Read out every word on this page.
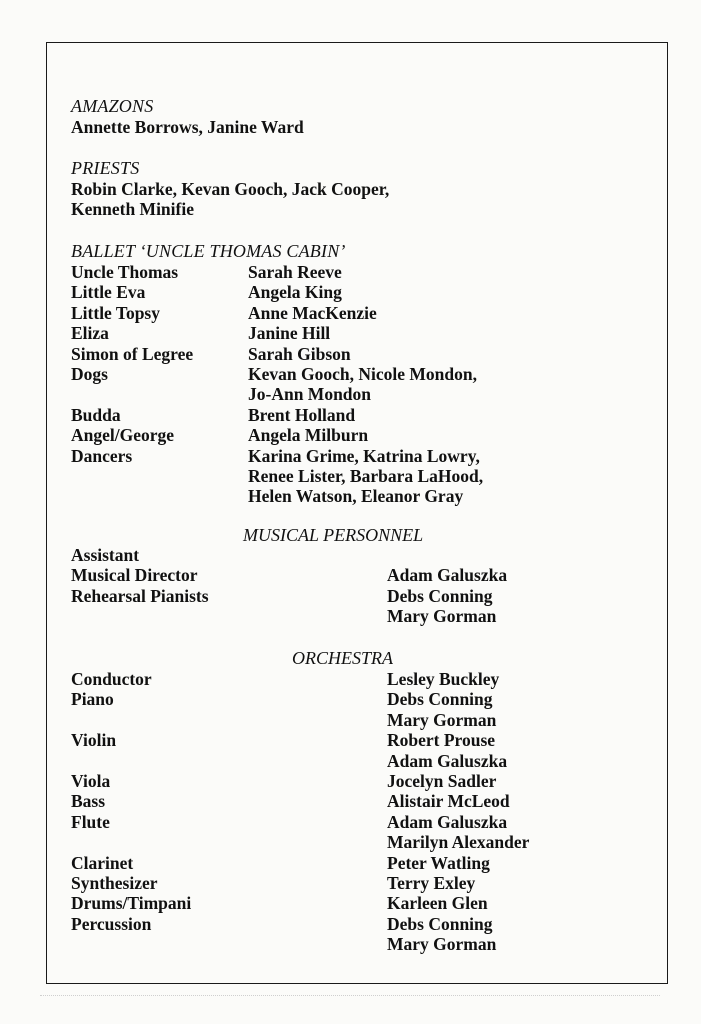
AMAZONS
Annette Borrows, Janine Ward
PRIESTS
Robin Clarke, Kevan Gooch, Jack Cooper,
Kenneth Minifie
BALLET ‘UNCLE THOMAS CABIN’
Uncle Thomas	Sarah Reeve
Little Eva	Angela King
Little Topsy	Anne MacKenzie
Eliza	Janine Hill
Simon of Legree	Sarah Gibson
Dogs	Kevan Gooch, Nicole Mondon,
Jo-Ann Mondon
Budda	Brent Holland
Angel/George	Angela Milburn
Dancers	Karina Grime, Katrina Lowry,
Renee Lister, Barbara LaHood,
Helen Watson, Eleanor Gray
MUSICAL PERSONNEL
Assistant
Musical Director	Adam Galuszka
Rehearsal Pianists	Debs Conning
Mary Gorman
ORCHESTRA
Conductor	Lesley Buckley
Piano	Debs Conning
Mary Gorman
Violin	Robert Prouse
Adam Galuszka
Viola	Jocelyn Sadler
Bass	Alistair McLeod
Flute	Adam Galuszka
Marilyn Alexander
Clarinet	Peter Watling
Synthesizer	Terry Exley
Drums/Timpani	Karleen Glen
Percussion	Debs Conning
Mary Gorman
